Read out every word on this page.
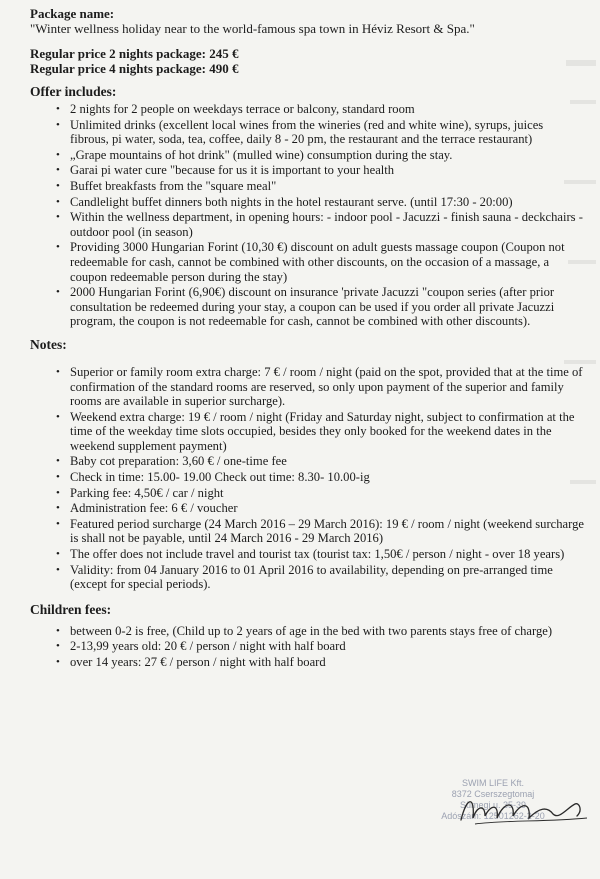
Package name:
"Winter wellness holiday near to the world-famous spa town in Héviz Resort & Spa."
Regular price 2 nights package: 245 €
Regular price 4 nights package: 490 €
Offer includes:
• 2 nights for 2 people on weekdays terrace or balcony, standard room
• Unlimited drinks (excellent local wines from the wineries (red and white wine), syrups, juices fibrous, pi water, soda, tea, coffee, daily 8 - 20 pm, the restaurant and the terrace restaurant)
• „Grape mountains of hot drink" (mulled wine) consumption during the stay.
• Garai pi water cure "because for us it is important to your health
• Buffet breakfasts from the "square meal"
• Candlelight buffet dinners both nights in the hotel restaurant serve. (until 17:30 - 20:00)
• Within the wellness department, in opening hours: - indoor pool - Jacuzzi - finish sauna - deckchairs - outdoor pool (in season)
• Providing 3000 Hungarian Forint (10,30 €) discount on adult guests massage coupon (Coupon not redeemable for cash, cannot be combined with other discounts, on the occasion of a massage, a coupon redeemable person during the stay)
• 2000 Hungarian Forint (6,90€) discount on insurance 'private Jacuzzi "coupon series (after prior consultation be redeemed during your stay, a coupon can be used if you order all private Jacuzzi program, the coupon is not redeemable for cash, cannot be combined with other discounts).
Notes:
• Superior or family room extra charge: 7 € / room / night (paid on the spot, provided that at the time of confirmation of the standard rooms are reserved, so only upon payment of the superior and family rooms are available in superior surcharge).
• Weekend extra charge: 19 € / room / night (Friday and Saturday night, subject to confirmation at the time of the weekday time slots occupied, besides they only booked for the weekend dates in the weekend supplement payment)
• Baby cot preparation: 3,60 € / one-time fee
• Check in time: 15.00- 19.00 Check out time: 8.30- 10.00-ig
• Parking fee: 4,50€ / car / night
• Administration fee: 6 € / voucher
• Featured period surcharge (24 March 2016 – 29 March 2016): 19 € / room / night (weekend surcharge is shall not be payable, until 24 March 2016 - 29 March 2016)
• The offer does not include travel and tourist tax (tourist tax: 1,50€ / person / night - over 18 years)
• Validity: from 04 January 2016 to 01 April 2016 to availability, depending on pre-arranged time (except for special periods).
Children fees:
• between 0-2 is free, (Child up to 2 years of age in the bed with two parents stays free of charge)
• 2-13,99 years old: 20 € / person / night with half board
• over 14 years: 27 € / person / night with half board
SWIM LIFE Kft.
8372 Cserszegtomaj
Sümegi u. 35-39
Adószám: 12501262-2-20
